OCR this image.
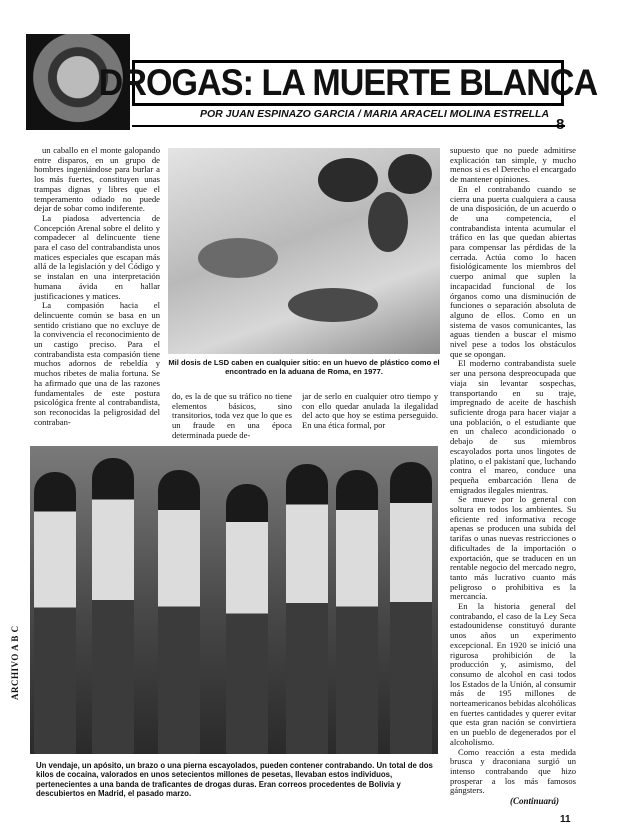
DROGAS: LA MUERTE BLANCA
POR JUAN ESPINAZO GARCIA / MARIA ARACELI MOLINA ESTRELLA

un caballo en el monte galopando entre disparos, en un grupo de hombres ingeniándose para burlar a los más fuertes, constituyen unas trampas dignas y libres que el temperamento odiado no puede dejar de sobar como indiferente.

La piadosa advertencia de Concepción Arenal sobre el delito y compadecer al delincuente tiene para el caso del contrabandista unos matices especiales que escapan más allá de la legislación y del Código y se instalan en una interpretación humana ávida en hallar justificaciones y matices.

La compasión hacia el delincuente común se basa en un sentido cristiano que no excluye de la convivencia el reconocimiento de un castigo preciso. Para el contrabandista esta compasión tiene muchos adornos de rebeldía y muchos ribetes de malia fortuna. Se ha afirmado que una de las razones fundamentales de este postura psicológica frente al contrabandista, son reconocidas la peligrosidad del contraban-

Mil dosis de LSD caben en cualquier sitio: en un huevo de plástico como el encontrado en la aduana de Roma, en 1977.

do, es la de que su tráfico no tiene elementos básicos, sino transitorios, toda vez que lo que es un fraude en una época determinada puede de-

jar de serlo en cualquier otro tiempo y con ello quedar anulada la ilegalidad del acto que hoy se estima perseguido. En una ética formal, por

Un vendaje, un apósito, un brazo o una pierna escayolados, pueden contener contrabando. Un total de dos kilos de cocaína, valorados en unos setecientos millones de pesetas, llevaban estos individuos, pertenecientes a una banda de traficantes de drogas duras. Eran correos procedentes de Bolivia y descubiertos en Madrid, el pasado marzo.

supuesto que no puede admitirse explicación tan simple, y mucho menos si es el Derecho el encargado de mantener opiniones.

En el contrabando cuando se cierra una puerta cualquiera a causa de una disposición, de un acuerdo o de una competencia, el contrabandista intenta acumular el tráfico en las que quedan abiertas para compensar las pérdidas de la cerrada. Actúa como lo hacen fisiológicamente los miembros del cuerpo animal que suplen la incapacidad funcional de los órganos como una disminución de funciones o separación absoluta de alguno de ellos. Como en un sistema de vasos comunicantes, las aguas tienden a buscar el mismo nivel pese a todos los obstáculos que se opongan.

El moderno contrabandista suele ser una persona despreocupada que viaja sin levantar sospechas, transportando en su traje, impregnado de aceite de haschish suficiente droga para hacer viajar a una población, o el estudiante que en un chaleco acondicionado o debajo de sus miembros escayolados porta unos lingotes de platino, o el pakistaní que, luchando contra el mareo, conduce una pequeña embarcación llena de emigrados ilegales mientras.

Se mueve por lo general con soltura en todos los ambientes. Su eficiente red informativa recoge apenas se producen una subida del tarifas o unas nuevas restricciones o dificultades de la importación o exportación, que se traducen en un rentable negocio del mercado negro, tanto más lucrativo cuanto más peligroso o prohibitiva es la mercancía.

En la historia general del contrabando, el caso de la Ley Seca estadounidense constituyó durante unos años un experimento excepcional. En 1920 se inició una rigurosa prohibición de la producción y, asimismo, del consumo de alcohol en casi todos los Estados de la Unión, al consumir más de 195 millones de norteamericanos bebidas alcohólicas en fuertes cantidades y querer evitar que esta gran nación se convirtiera en un pueblo de degenerados por el alcoholismo.

Como reacción a esta medida brusca y draconiana surgió un intenso contrabando que hizo prosperar a los más famosos gángsters.

(Continuará)
11
ARCHIVO A B C
